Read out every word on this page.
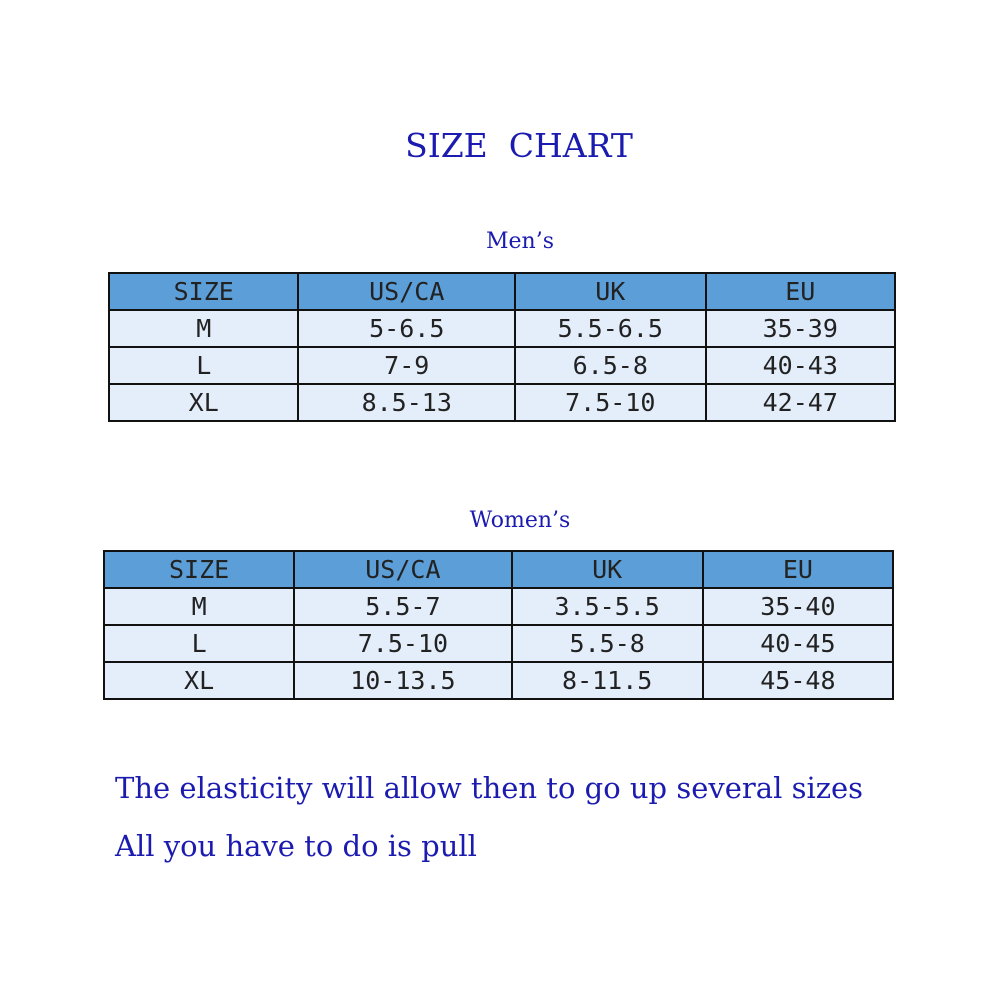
SIZE  CHART
Men’s
SIZE	US/CA	UK	EU
M	5-6.5	5.5-6.5	35-39
L	7-9	6.5-8	40-43
XL	8.5-13	7.5-10	42-47
Women’s
SIZE	US/CA	UK	EU
M	5.5-7	3.5-5.5	35-40
L	7.5-10	5.5-8	40-45
XL	10-13.5	8-11.5	45-48
The elasticity will allow then to go up several sizes
All you have to do is pull
